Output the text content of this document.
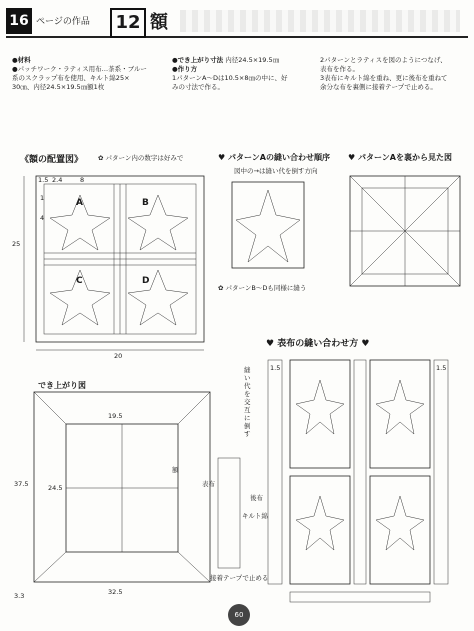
16 ページの作品	12 額
●材料
●パッチワーク・ラティス用布…茶系・ブルー
系のスクラップ布を使用、キルト綿25×
30㎝、内径24.5×19.5㎝額1枚
●でき上がり寸法 内径24.5×19.5㎝
●作り方
1パターンA〜Dは10.5×8㎝の中に、好
みの寸法で作る。
2パターンとラティスを図のようにつなげ、
表布を作る。
3表布にキルト綿を重ね、更に後布を重ねて
余分な布を裏側に接着テープで止める。
《額の配置図》 ✿ パターン内の数字は好みで	♥ パターンAの縫い合わせ順序 ♥ パターンAを裏から見た図
図中の→は縫い代を倒す方向
✿ パターンB〜Dも同様に縫う
♥ 表布の縫い合わせ方 ♥
でき上がり図
A	B
C	D
25
20
1.5 2.4	8
1
4
縫い代を交互に倒す
1.5	1.5
19.5
24.5
37.5
32.5
3.3
額
表布
後布
キルト綿
接着テープで止める
60
